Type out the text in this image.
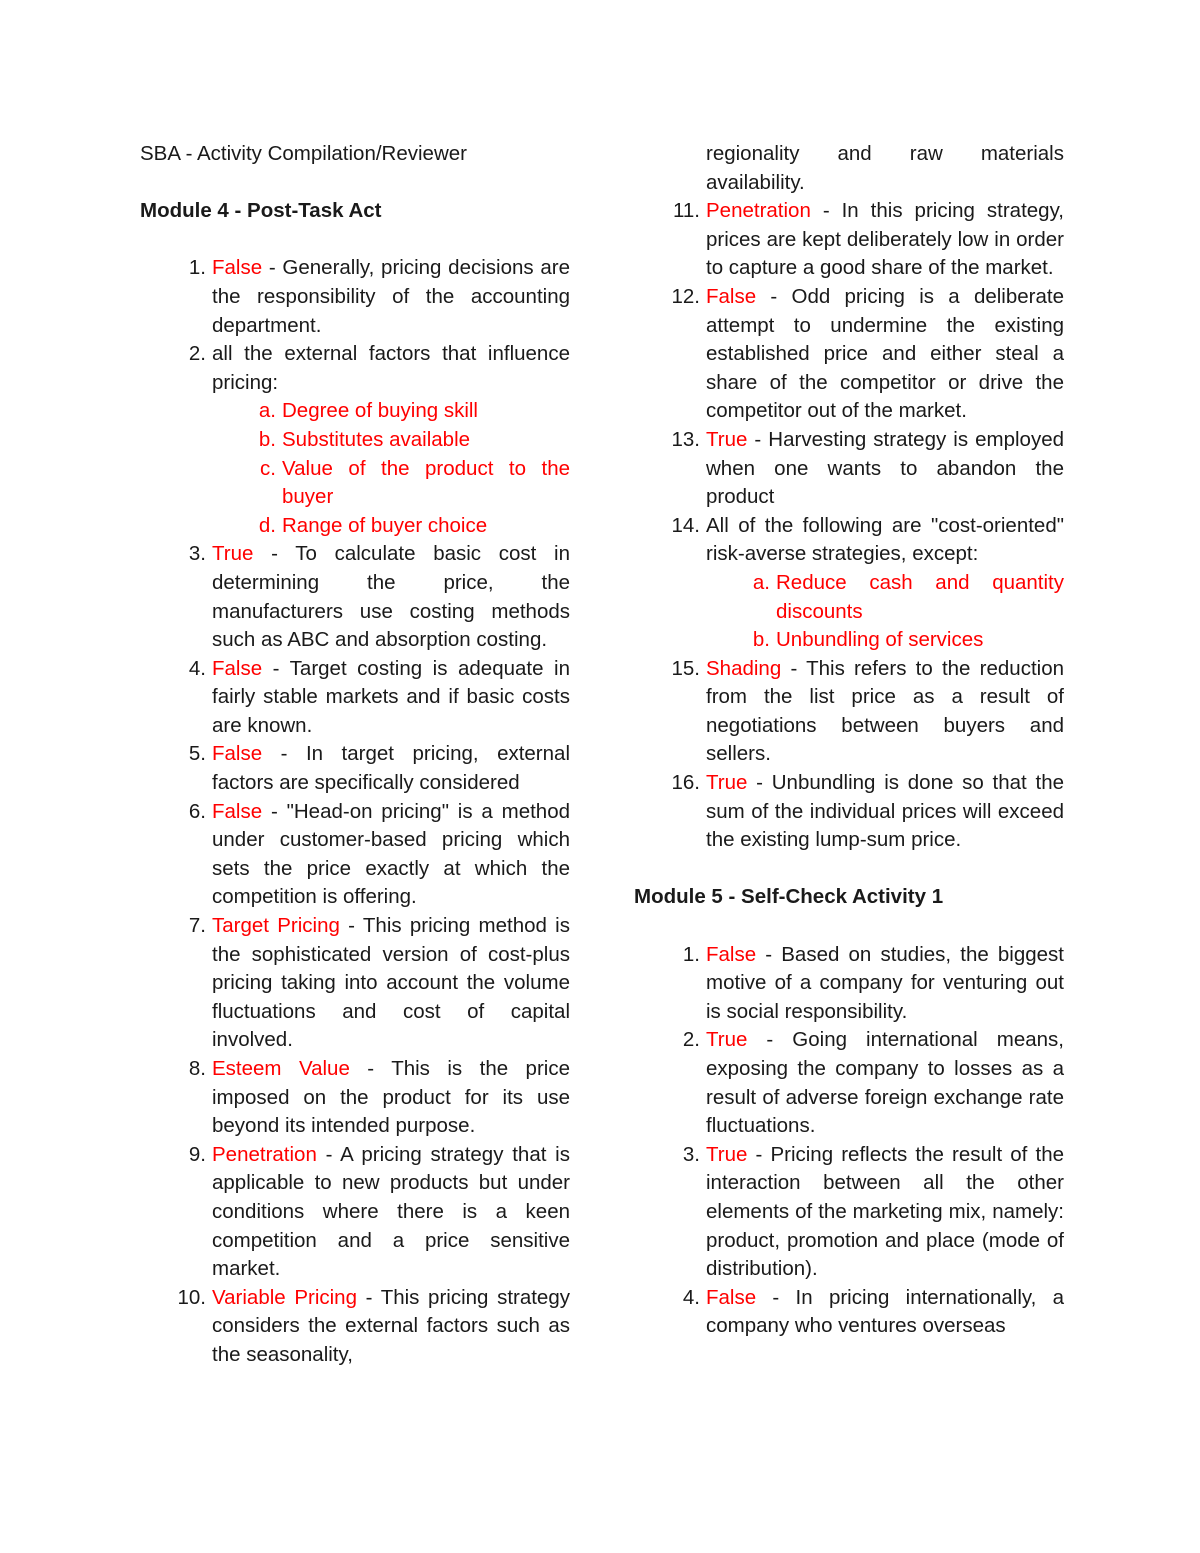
SBA - Activity Compilation/Reviewer

Module 4 - Post-Task Act

1. False - Generally, pricing decisions are the responsibility of the accounting department.
2. all the external factors that influence pricing:
a. Degree of buying skill
b. Substitutes available
c. Value of the product to the buyer
d. Range of buyer choice
3. True - To calculate basic cost in determining the price, the manufacturers use costing methods such as ABC and absorption costing.
4. False - Target costing is adequate in fairly stable markets and if basic costs are known.
5. False - In target pricing, external factors are specifically considered
6. False - "Head-on pricing" is a method under customer-based pricing which sets the price exactly at which the competition is offering.
7. Target Pricing - This pricing method is the sophisticated version of cost-plus pricing taking into account the volume fluctuations and cost of capital involved.
8. Esteem Value - This is the price imposed on the product for its use beyond its intended purpose.
9. Penetration - A pricing strategy that is applicable to new products but under conditions where there is a keen competition and a price sensitive market.
10. Variable Pricing - This pricing strategy considers the external factors such as the seasonality,
regionality and raw materials availability.
11. Penetration - In this pricing strategy, prices are kept deliberately low in order to capture a good share of the market.
12. False - Odd pricing is a deliberate attempt to undermine the existing established price and either steal a share of the competitor or drive the competitor out of the market.
13. True - Harvesting strategy is employed when one wants to abandon the product
14. All of the following are "cost-oriented" risk-averse strategies, except:
a. Reduce cash and quantity discounts
b. Unbundling of services
15. Shading - This refers to the reduction from the list price as a result of negotiations between buyers and sellers.
16. True - Unbundling is done so that the sum of the individual prices will exceed the existing lump-sum price.

Module 5 - Self-Check Activity 1

1. False - Based on studies, the biggest motive of a company for venturing out is social responsibility.
2. True - Going international means, exposing the company to losses as a result of adverse foreign exchange rate fluctuations.
3. True - Pricing reflects the result of the interaction between all the other elements of the marketing mix, namely: product, promotion and place (mode of distribution).
4. False - In pricing internationally, a company who ventures overseas
